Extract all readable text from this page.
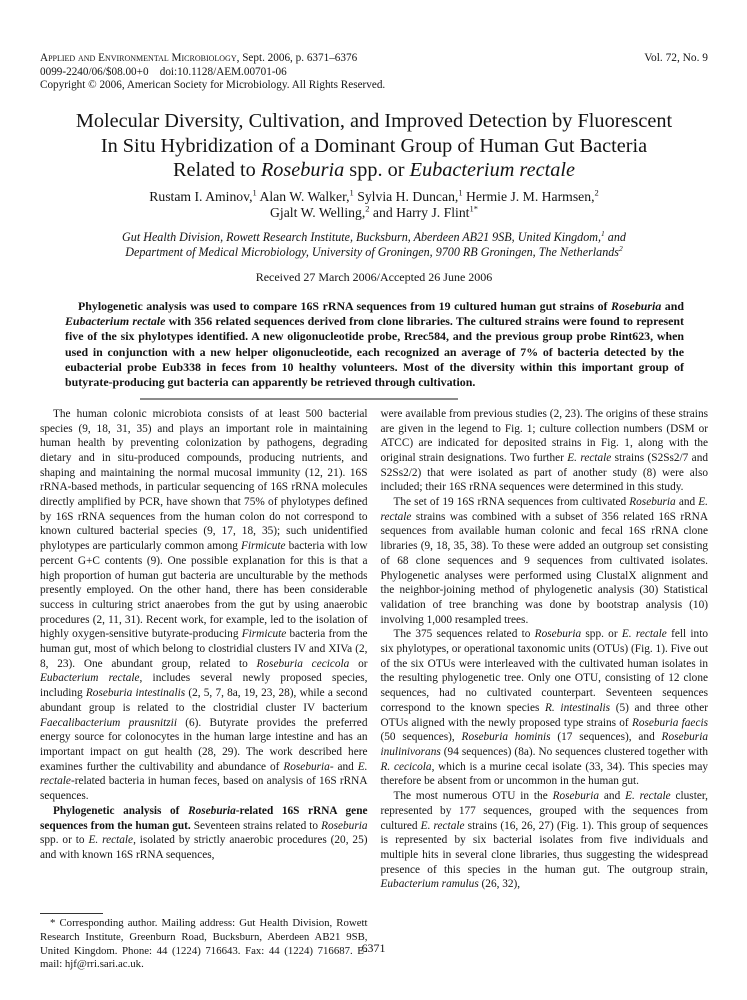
Applied and Environmental Microbiology, Sept. 2006, p. 6371–6376
0099-2240/06/$08.00+0  doi:10.1128/AEM.00701-06
Copyright © 2006, American Society for Microbiology. All Rights Reserved.
Vol. 72, No. 9
Molecular Diversity, Cultivation, and Improved Detection by Fluorescent
In Situ Hybridization of a Dominant Group of Human Gut Bacteria
Related to Roseburia spp. or Eubacterium rectale
Rustam I. Aminov,$^1$ Alan W. Walker,$^1$ Sylvia H. Duncan,$^1$ Hermie J. M. Harmsen,$^2$
Gjalt W. Welling,$^2$ and Harry J. Flint$^{1*}$
Gut Health Division, Rowett Research Institute, Bucksburn, Aberdeen AB21 9SB, United Kingdom,$^1$ and
Department of Medical Microbiology, University of Groningen, 9700 RB Groningen, The Netherlands$^2$
Received 27 March 2006/Accepted 26 June 2006
Phylogenetic analysis was used to compare 16S rRNA sequences from 19 cultured human gut strains of Roseburia and Eubacterium rectale with 356 related sequences derived from clone libraries. The cultured strains were found to represent five of the six phylotypes identified. A new oligonucleotide probe, Rrec584, and the previous group probe Rint623, when used in conjunction with a new helper oligonucleotide, each recognized an average of 7% of bacteria detected by the eubacterial probe Eub338 in feces from 10 healthy volunteers. Most of the diversity within this important group of butyrate-producing gut bacteria can apparently be retrieved through cultivation.

The human colonic microbiota consists of at least 500 bacterial species (9, 18, 31, 35) and plays an important role in maintaining human health by preventing colonization by pathogens, degrading dietary and in situ-produced compounds, producing nutrients, and shaping and maintaining the normal mucosal immunity (12, 21). 16S rRNA-based methods, in particular sequencing of 16S rRNA molecules directly amplified by PCR, have shown that 75% of phylotypes defined by 16S rRNA sequences from the human colon do not correspond to known cultured bacterial species (9, 17, 18, 35); such unidentified phylotypes are particularly common among Firmicute bacteria with low percent G+C contents (9). One possible explanation for this is that a high proportion of human gut bacteria are unculturable by the methods presently employed. On the other hand, there has been considerable success in culturing strict anaerobes from the gut by using anaerobic procedures (2, 11, 31). Recent work, for example, led to the isolation of highly oxygen-sensitive butyrate-producing Firmicute bacteria from the human gut, most of which belong to clostridial clusters IV and XIVa (2, 8, 23). One abundant group, related to Roseburia cecicola or Eubacterium rectale, includes several newly proposed species, including Roseburia intestinalis (2, 5, 7, 8a, 19, 23, 28), while a second abundant group is related to the clostridial cluster IV bacterium Faecalibacterium prausnitzii (6). Butyrate provides the preferred energy source for colonocytes in the human large intestine and has an important impact on gut health (28, 29). The work described here examines further the cultivability and abundance of Roseburia- and E. rectale-related bacteria in human feces, based on analysis of 16S rRNA sequences.

Phylogenetic analysis of Roseburia-related 16S rRNA gene sequences from the human gut. Seventeen strains related to Roseburia spp. or to E. rectale, isolated by strictly anaerobic procedures (20, 25) and with known 16S rRNA sequences,

* Corresponding author. Mailing address: Gut Health Division, Rowett Research Institute, Greenburn Road, Bucksburn, Aberdeen AB21 9SB, United Kingdom. Phone: 44 (1224) 716643. Fax: 44 (1224) 716687. E-mail: hjf@rri.sari.ac.uk.

were available from previous studies (2, 23). The origins of these strains are given in the legend to Fig. 1; culture collection numbers (DSM or ATCC) are indicated for deposited strains in Fig. 1, along with the original strain designations. Two further E. rectale strains (S2Ss2/7 and S2Ss2/2) that were isolated as part of another study (8) were also included; their 16S rRNA sequences were determined in this study.

The set of 19 16S rRNA sequences from cultivated Roseburia and E. rectale strains was combined with a subset of 356 related 16S rRNA sequences from available human colonic and fecal 16S rRNA clone libraries (9, 18, 35, 38). To these were added an outgroup set consisting of 68 clone sequences and 9 sequences from cultivated isolates. Phylogenetic analyses were performed using ClustalX alignment and the neighbor-joining method of phylogenetic analysis (30) Statistical validation of tree branching was done by bootstrap analysis (10) involving 1,000 resampled trees.

The 375 sequences related to Roseburia spp. or E. rectale fell into six phylotypes, or operational taxonomic units (OTUs) (Fig. 1). Five out of the six OTUs were interleaved with the cultivated human isolates in the resulting phylogenetic tree. Only one OTU, consisting of 12 clone sequences, had no cultivated counterpart. Seventeen sequences correspond to the known species R. intestinalis (5) and three other OTUs aligned with the newly proposed type strains of Roseburia faecis (50 sequences), Roseburia hominis (17 sequences), and Roseburia inulinivorans (94 sequences) (8a). No sequences clustered together with R. cecicola, which is a murine cecal isolate (33, 34). This species may therefore be absent from or uncommon in the human gut.

The most numerous OTU in the Roseburia and E. rectale cluster, represented by 177 sequences, grouped with the sequences from cultured E. rectale strains (16, 26, 27) (Fig. 1). This group of sequences is represented by six bacterial isolates from five individuals and multiple hits in several clone libraries, thus suggesting the widespread presence of this species in the human gut. The outgroup strain, Eubacterium ramulus (26, 32),

6371
